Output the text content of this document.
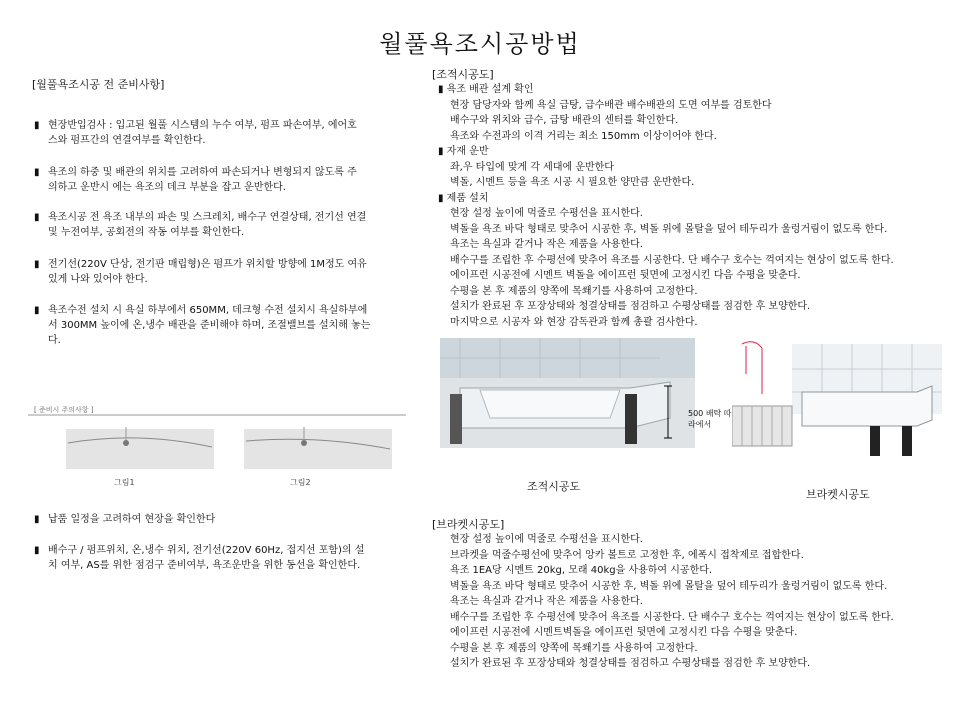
월풀욕조시공방법
[월풀욕조시공 전 준비사항]
▮ 현장반입검사 : 입고된 월풀 시스템의 누수 여부, 펌프 파손여부, 에어호
스와 펌프간의 연결여부를 확인한다.
▮ 욕조의 하중 및 배관의 위치를 고려하여 파손되거나 변형되지 않도록 주
의하고 운반시 에는 욕조의 데크 부분을 잡고 운반한다.
▮ 욕조시공 전 욕조 내부의 파손 및 스크레치, 배수구 연결상태, 전기선 연결
및 누전여부, 공회전의 작동 여부를 확인한다.
▮ 전기선(220V 단상, 전기판 매립형)은 펌프가 위치할 방향에 1M정도 여유
있게 나와 있어야 한다.
▮ 욕조수전 설치 시 욕실 하부에서 650MM, 데크형 수전 설치시 욕실하부에
서 300MM 높이에 온,냉수 배관을 준비해야 하며, 조절밸브를 설치해 놓는
다.
[ 준비시 주의사항 ]
그림1	그림2
▮ 납품 일정을 고려하여 현장을 확인한다
▮ 배수구 / 펌프위치, 온,냉수 위치, 전기선(220V 60Hz, 접지선 포함)의 설
치 여부, AS를 위한 점검구 준비여부, 욕조운반을 위한 동선을 확인한다.
[조적시공도]
▮ 욕조 배관 설계 확인
현장 담당자와 함께 욕실 급탕, 급수배관 배수배관의 도면 여부를 검토한다
배수구와 위치와 급수, 급탕 배관의 센터를 확인한다.
욕조와 수전과의 이격 거리는 최소 150mm 이상이어야 한다.
▮ 자재 운반
좌,우 타입에 맞게 각 세대에 운반한다
벽돌, 시멘트 등을 욕조 시공 시 필요한 양만큼 운반한다.
▮ 제품 설치
현장 설정 높이에 먹줄로 수평선을 표시한다.
벽돌을 욕조 바닥 형태로 맞추어 시공한 후, 벽돌 위에 몰탈을 덮어 테두리가 울렁거림이 없도록 한다.
욕조는 욕실과 같거나 작은 제품을 사용한다.
배수구를 조립한 후 수평선에 맞추어 욕조를 시공한다. 단 배수구 호수는 꺽여지는 현상이 없도록 한다.
에이프런 시공전에 시멘트 벽돌을 에이프런 뒷면에 고정시킨 다음 수평을 맞춘다.
수평을 본 후 제품의 양쪽에 목쐐기를 사용하여 고정한다.
설치가 완료된 후 포장상태와 청결상태를 점검하고 수평상태를 점검한 후 보양한다.
마지막으로 시공자 와 현장 감독관과 함께 총괄 검사한다.
500 배탁 따
라에서
조적시공도
브라켓시공도
[브라켓시공도]
현장 설정 높이에 먹줄로 수평선을 표시한다.
브라켓을 먹줄수평선에 맞추어 앙카 볼트로 고정한 후, 에폭시 접착제로 접합한다.
욕조 1EA당 시멘트 20kg, 모래 40kg을 사용하여 시공한다.
벽돌을 욕조 바닥 형태로 맞추어 시공한 후, 벽돌 위에 몰탈을 덮어 테두리가 울렁거림이 없도록 한다.
욕조는 욕실과 같거나 작은 제품을 사용한다.
배수구를 조립한 후 수평선에 맞추어 욕조를 시공한다. 단 배수구 호수는 꺽여지는 현상이 없도록 한다.
에이프런 시공전에 시멘트벽돌을 에이프런 뒷면에 고정시킨 다음 수평을 맞춘다.
수평을 본 후 제품의 양쪽에 목쐐기를 사용하여 고정한다.
설치가 완료된 후 포장상태와 청결상태를 점검하고 수평상태를 점검한 후 보양한다.
